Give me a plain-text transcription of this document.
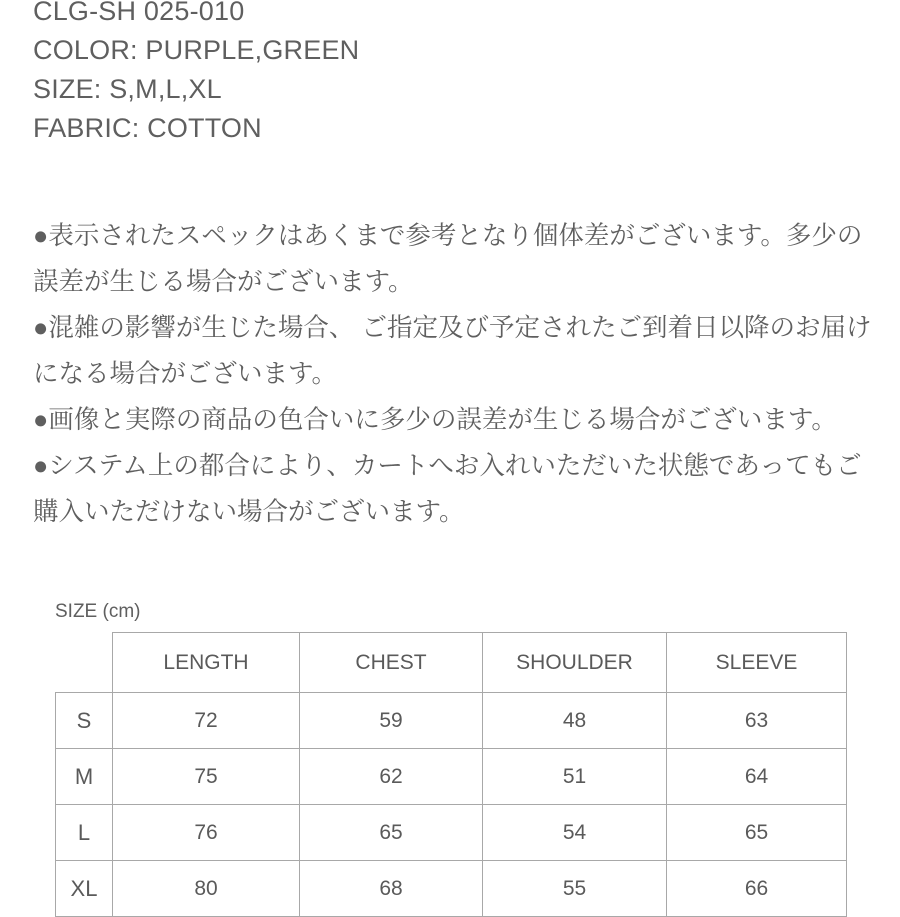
CLG-SH 025-010
COLOR: PURPLE,GREEN
SIZE: S,M,L,XL
FABRIC: COTTON

●表示されたスペックはあくまで参考となり個体差がございます。多少の誤差が生じる場合がございます。

●混雑の影響が生じた場合、 ご指定及び予定されたご到着日以降のお届けになる場合がございます。

●画像と実際の商品の色合いに多少の誤差が生じる場合がございます。

●システム上の都合により、カートへお入れいただいた状態であってもご購入いただけない場合がございます。

SIZE (cm)
	LENGTH	CHEST	SHOULDER	SLEEVE
S	72	59	48	63
M	75	62	51	64
L	76	65	54	65
XL	80	68	55	66
